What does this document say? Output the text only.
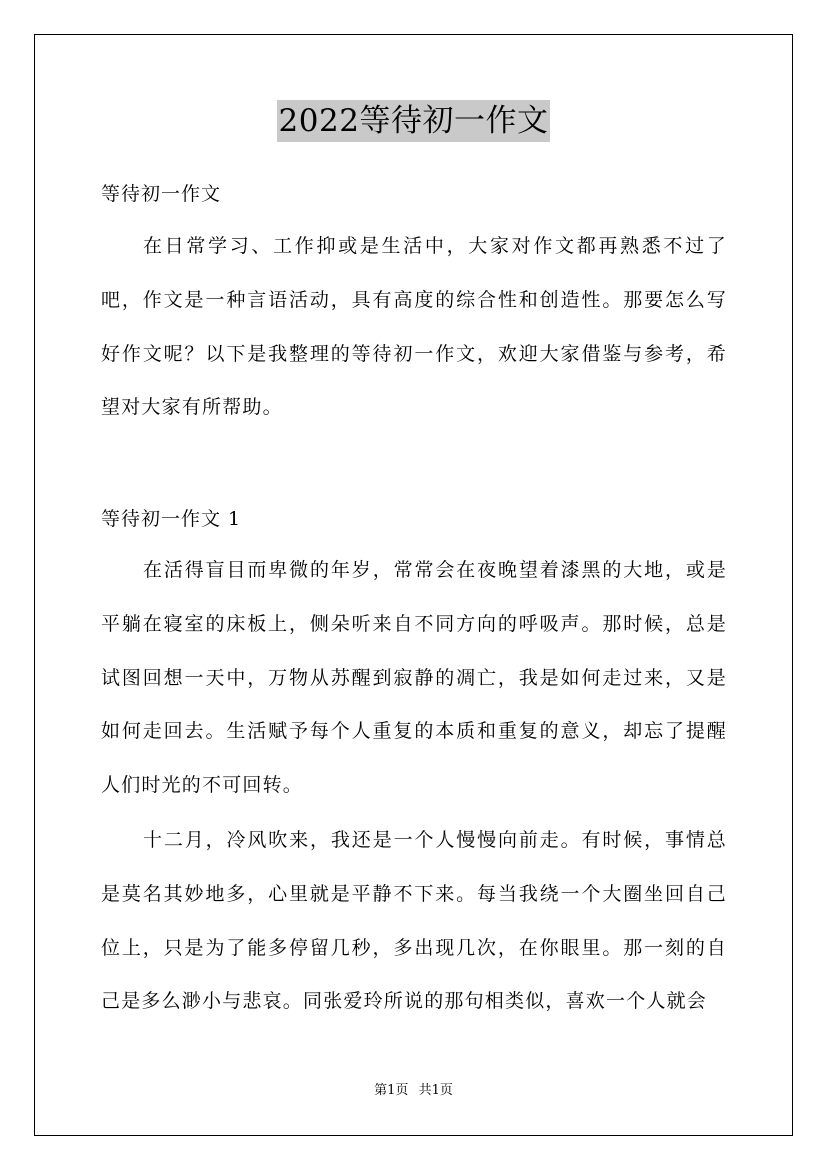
2022等待初一作文
等待初一作文

在日常学习、工作抑或是生活中，大家对作文都再熟悉不过了吧，作文是一种言语活动，具有高度的综合性和创造性。那要怎么写好作文呢？以下是我整理的等待初一作文，欢迎大家借鉴与参考，希望对大家有所帮助。

等待初一作文 1

在活得盲目而卑微的年岁，常常会在夜晚望着漆黑的大地，或是平躺在寝室的床板上，侧朵听来自不同方向的呼吸声。那时候，总是试图回想一天中，万物从苏醒到寂静的凋亡，我是如何走过来，又是如何走回去。生活赋予每个人重复的本质和重复的意义，却忘了提醒人们时光的不可回转。

十二月，冷风吹来，我还是一个人慢慢向前走。有时候，事情总是莫名其妙地多，心里就是平静不下来。每当我绕一个大圈坐回自己位上，只是为了能多停留几秒，多出现几次，在你眼里。那一刻的自己是多么渺小与悲哀。同张爱玲所说的那句相类似，喜欢一个人就会

第1页 共1页
